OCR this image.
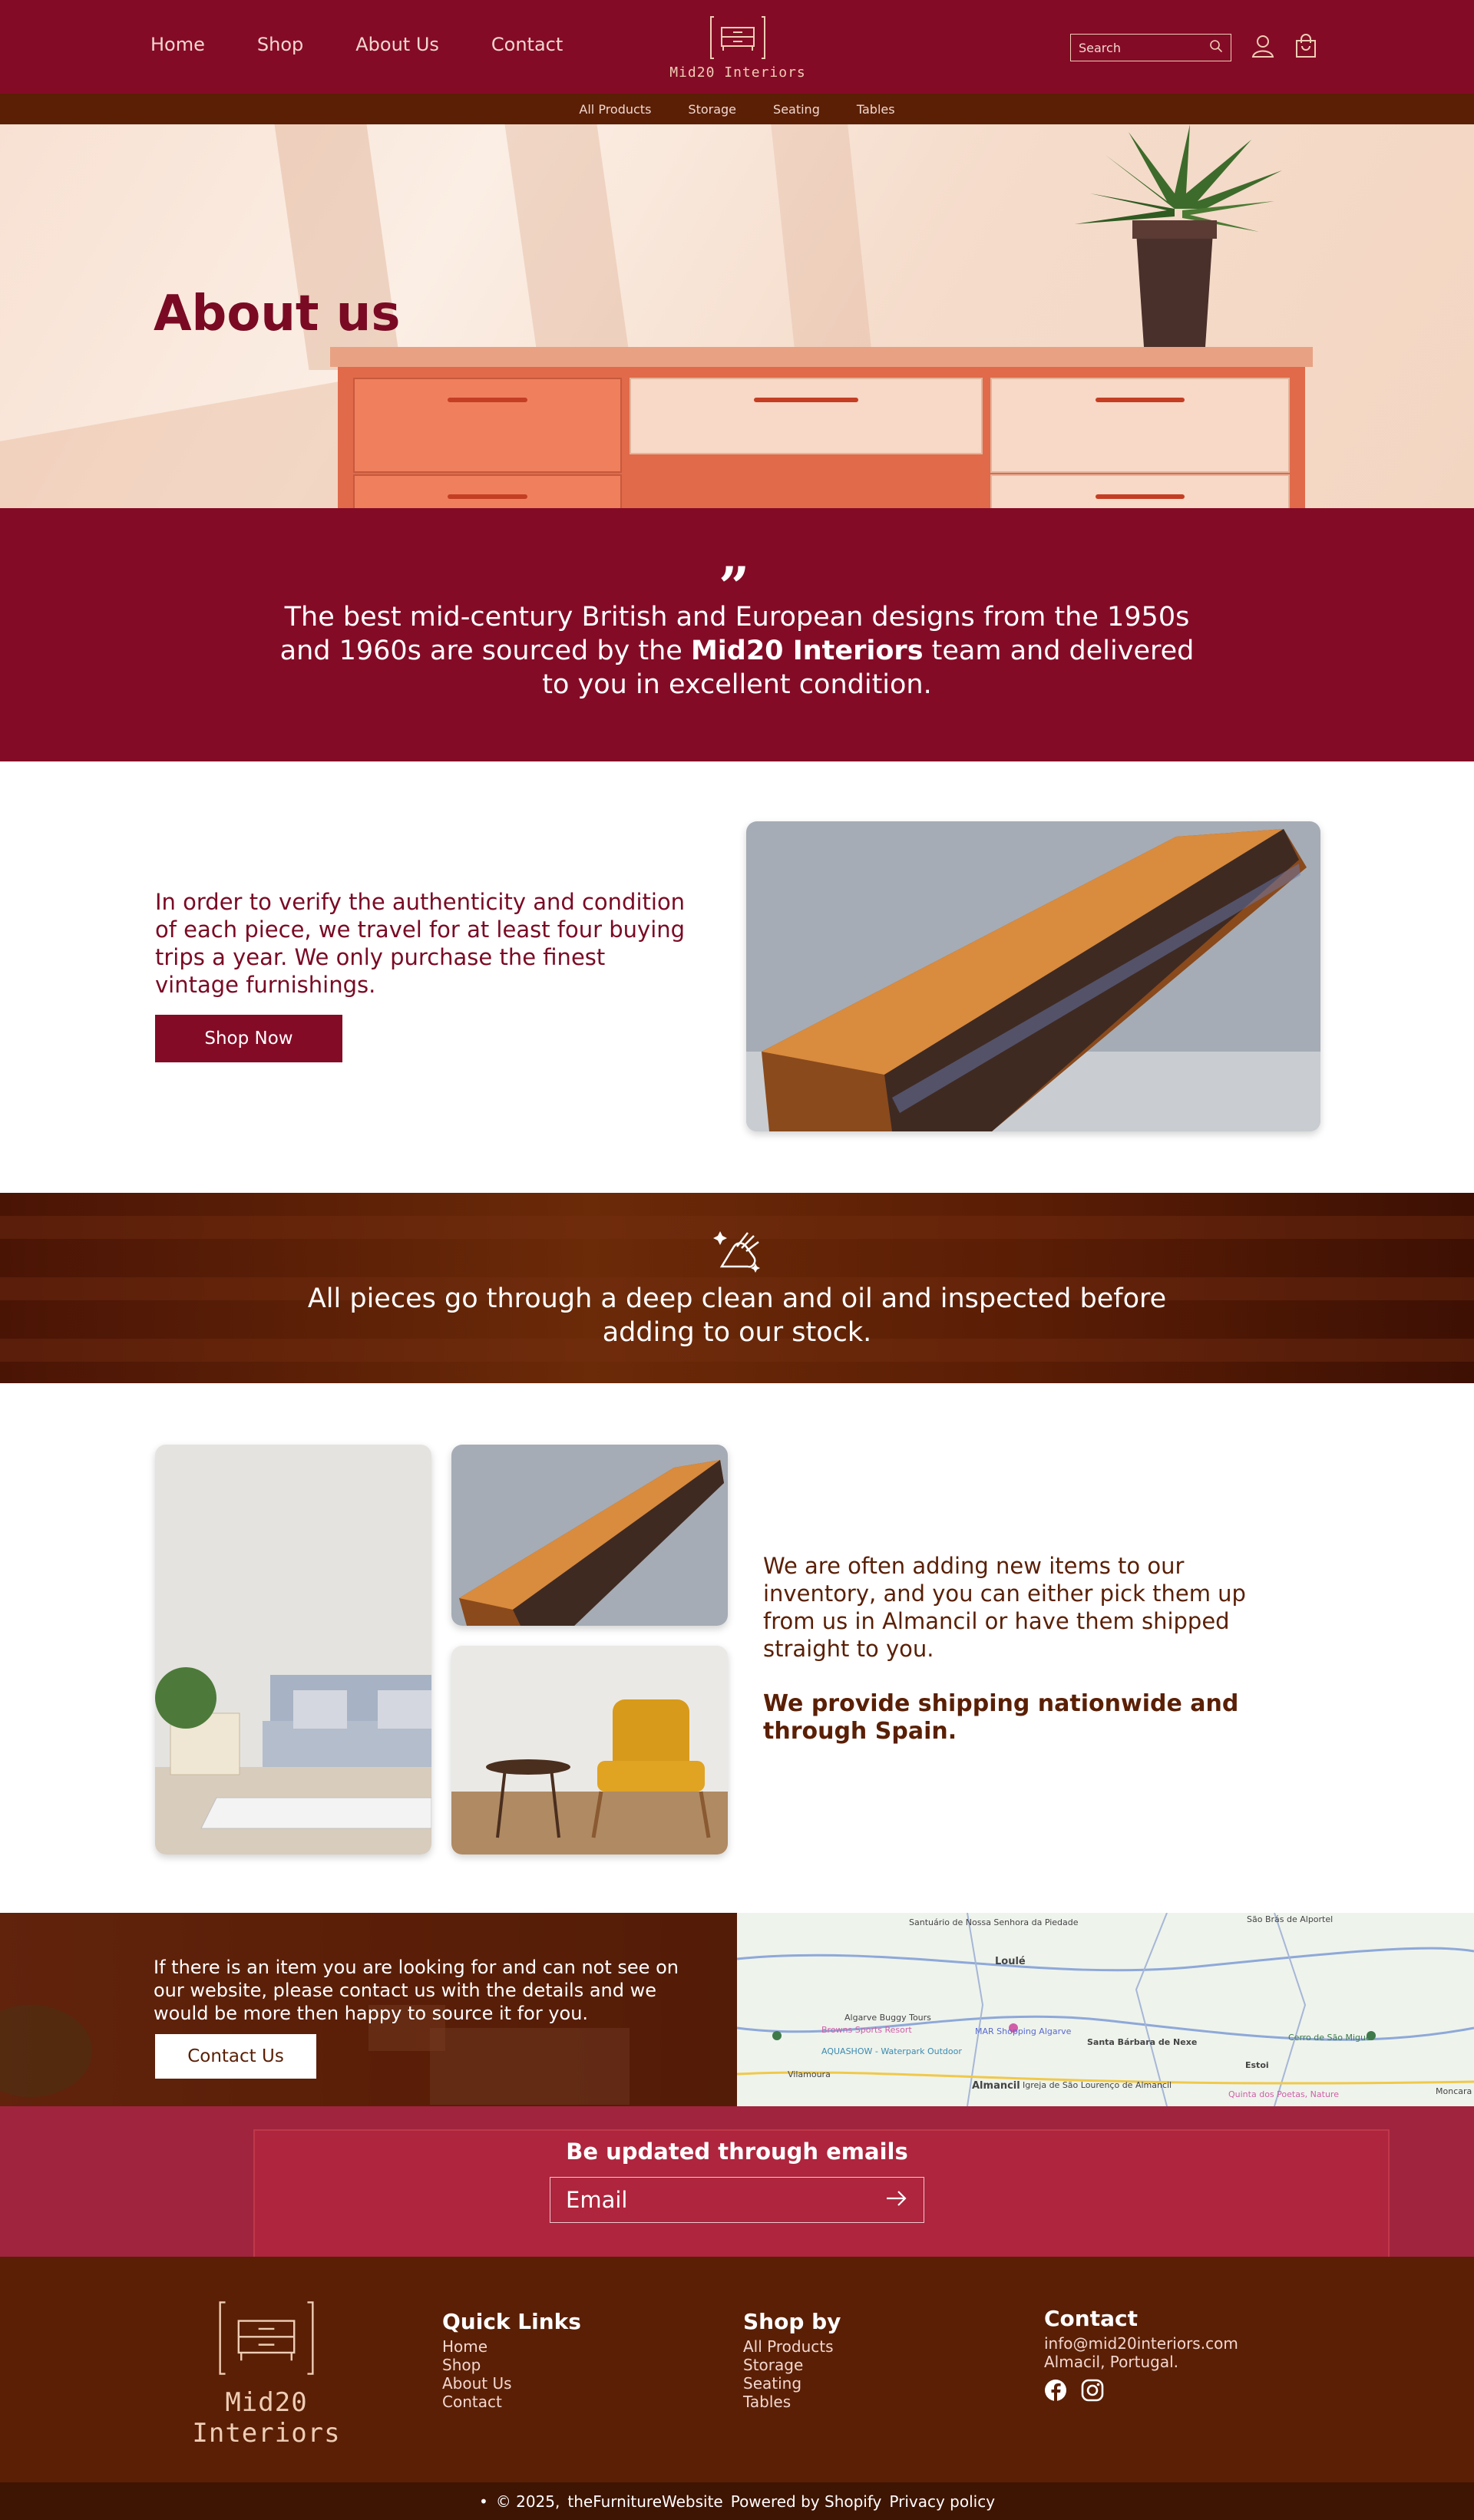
Home	Shop	About Us	Contact
Mid20 Interiors
Search
All Products	Storage	Seating	Tables
About us
”

The best mid-century British and European designs from the 1950s and 1960s are sourced by the Mid20 Interiors team and delivered to you in excellent condition.

In order to verify the authenticity and condition of each piece, we travel for at least four buying trips a year. We only purchase the finest vintage furnishings.

Shop Now

All pieces go through a deep clean and oil and inspected before adding to our stock.

We are often adding new items to our inventory, and you can either pick them up from us in Almancil or have them shipped straight to you.
We provide shipping nationwide and through Spain.

If there is an item you are looking for and can not see on our website, please contact us with the details and we would be more then happy to source it for you.

Contact Us
Santuário de Nossa Senhora da Piedade	São Brás de Alportel
Loulé
Almancil
Santa Bárbara de Nexe
Vilamoura
Estoi
MAR Shopping Algarve
AQUASHOW - Waterpark Outdoor
Igreja de São Lourenço de Almancil
Algarve Buggy Tours
Browns Sports Resort
Cerro de São Miguel
Quinta dos Poetas, Nature	Moncara
Be updated through emails
Email
Mid20 Interiors
Quick Links
Home
Shop
About Us
Contact
Shop by
All Products
Storage
Seating
Tables
Contact
info@mid20interiors.com
Almacil, Portugal.
• © 2025, theFurnitureWebsite Powered by Shopify Privacy policy
